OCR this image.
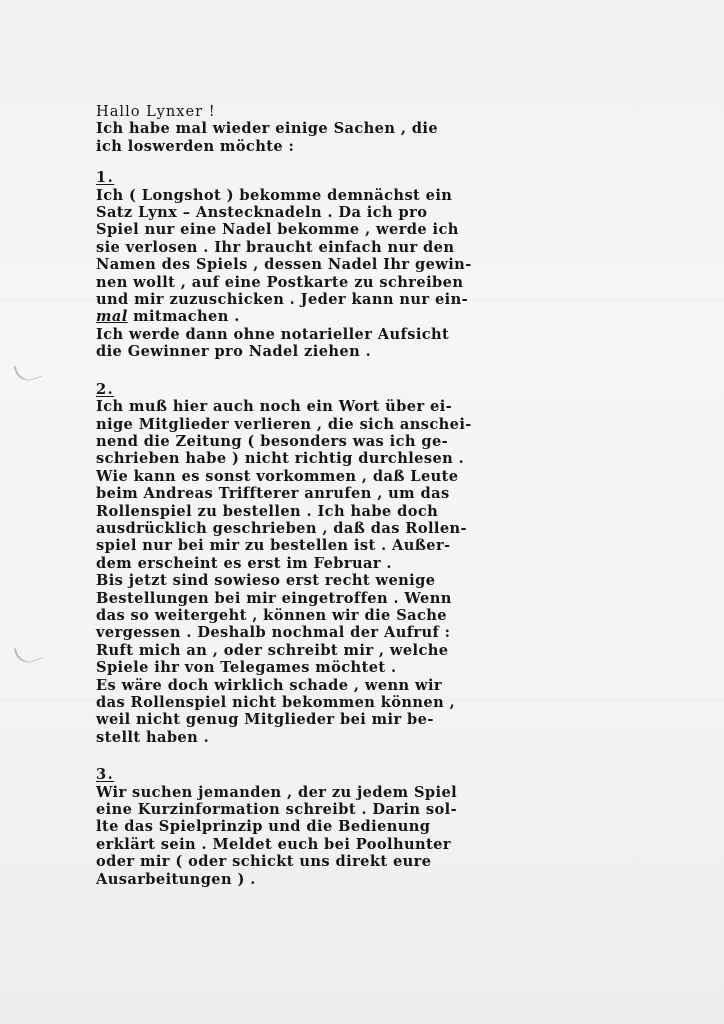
Hallo Lynxer !
Ich habe mal wieder einige Sachen , die
ich loswerden möchte :
1.
Ich ( Longshot ) bekomme demnächst ein
Satz Lynx – Anstecknadeln . Da ich pro
Spiel nur eine Nadel bekomme , werde ich
sie verlosen . Ihr braucht einfach nur den
Namen des Spiels , dessen Nadel Ihr gewin-
nen wollt , auf eine Postkarte zu schreiben
und mir zuzuschicken . Jeder kann nur ein-
mal mitmachen .
Ich werde dann ohne notarieller Aufsicht
die Gewinner pro Nadel ziehen .
2.
Ich muß hier auch noch ein Wort über ei-
nige Mitglieder verlieren , die sich anschei-
nend die Zeitung ( besonders was ich ge-
schrieben habe ) nicht richtig durchlesen .
Wie kann es sonst vorkommen , daß Leute
beim Andreas Triffterer anrufen , um das
Rollenspiel zu bestellen . Ich habe doch
ausdrücklich geschrieben , daß das Rollen-
spiel nur bei mir zu bestellen ist . Außer-
dem erscheint es erst im Februar .
Bis jetzt sind sowieso erst recht wenige
Bestellungen bei mir eingetroffen . Wenn
das so weitergeht , können wir die Sache
vergessen . Deshalb nochmal der Aufruf :
Ruft mich an , oder schreibt mir , welche
Spiele ihr von Telegames möchtet .
Es wäre doch wirklich schade , wenn wir
das Rollenspiel nicht bekommen können ,
weil nicht genug Mitglieder bei mir be-
stellt haben .
3.
Wir suchen jemanden , der zu jedem Spiel
eine Kurzinformation schreibt . Darin sol-
lte das Spielprinzip und die Bedienung
erklärt sein . Meldet euch bei Poolhunter
oder mir ( oder schickt uns direkt eure
Ausarbeitungen ) .
